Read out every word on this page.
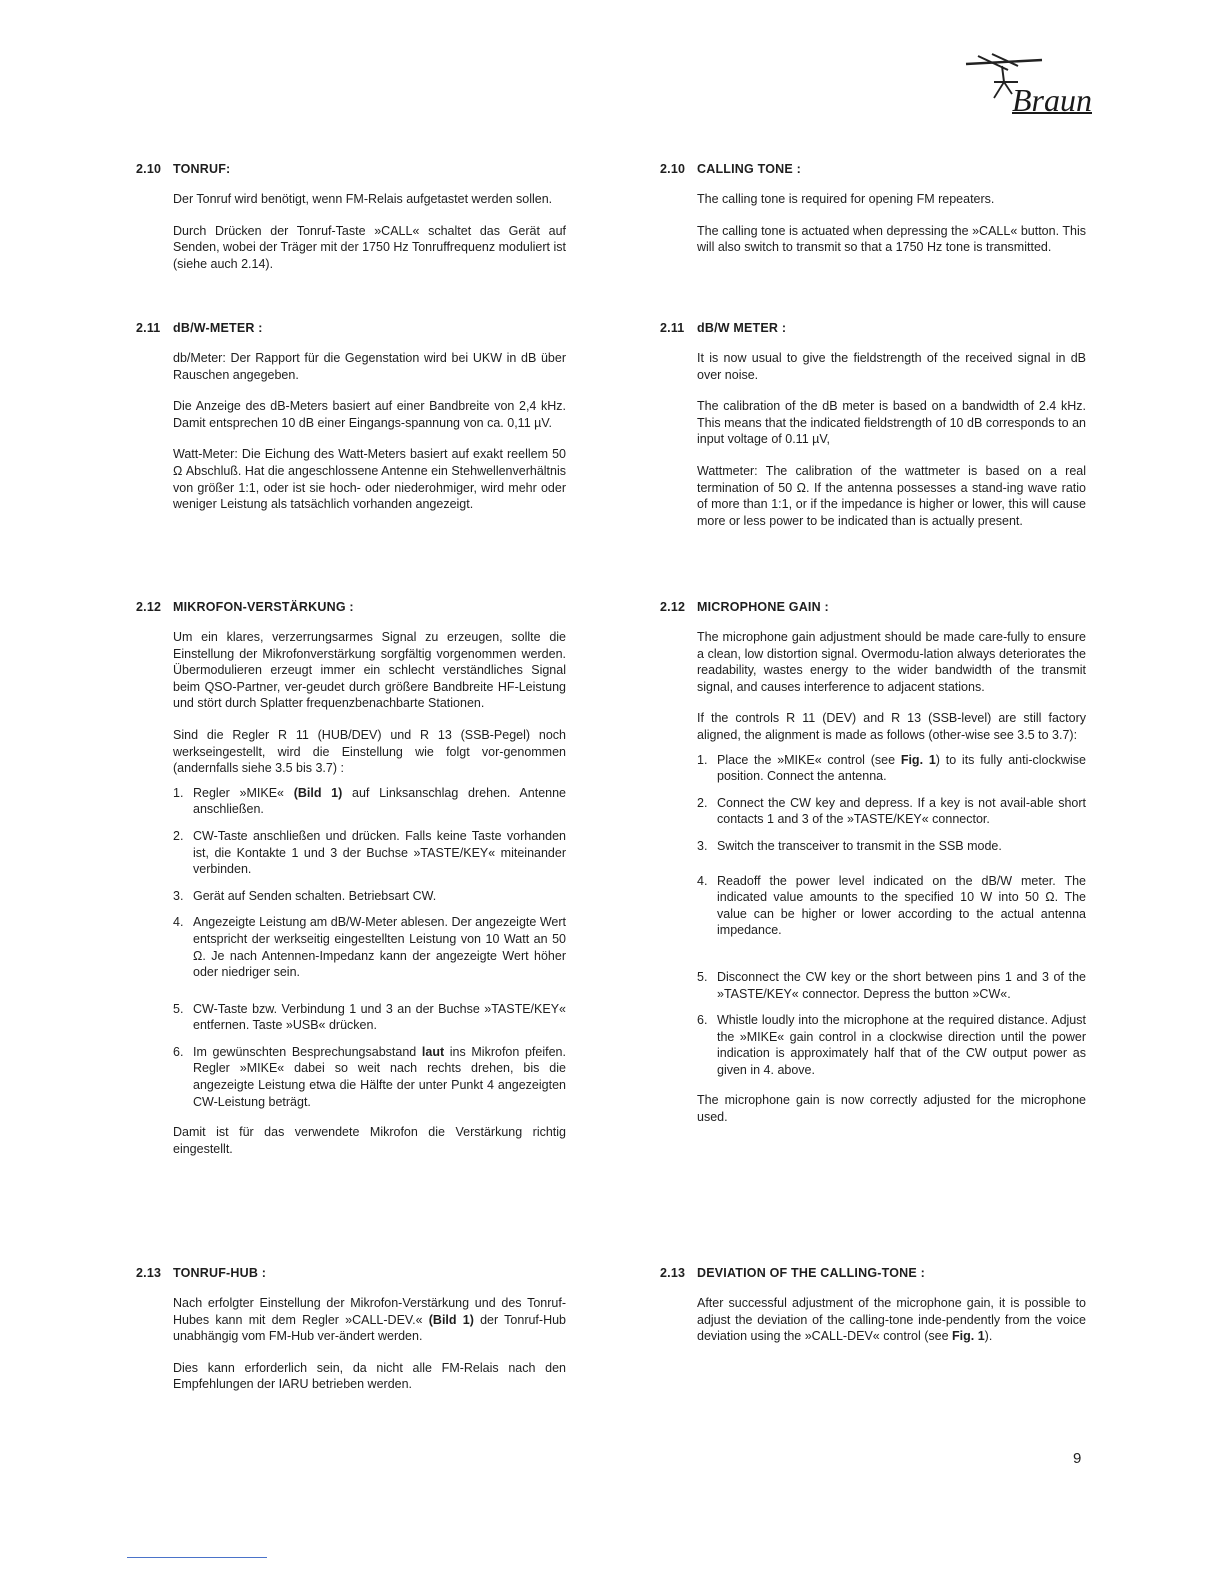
Braun
2.10 TONRUF:

Der Tonruf wird benötigt, wenn FM-Relais aufgetastet werden sollen.

Durch Drücken der Tonruf-Taste »CALL« schaltet das Gerät auf Senden, wobei der Träger mit der 1750 Hz Tonruffrequenz moduliert ist (siehe auch 2.14).

2.11 dB/W-METER :

db/Meter: Der Rapport für die Gegenstation wird bei UKW in dB über Rauschen angegeben.

Die Anzeige des dB-Meters basiert auf einer Bandbreite von 2,4 kHz. Damit entsprechen 10 dB einer Eingangs-spannung von ca. 0,11 µV.

Watt-Meter: Die Eichung des Watt-Meters basiert auf exakt reellem 50 Ω Abschluß. Hat die angeschlossene Antenne ein Stehwellenverhältnis von größer 1:1, oder ist sie hoch- oder niederohmiger, wird mehr oder weniger Leistung als tatsächlich vorhanden angezeigt.

2.12 MIKROFON-VERSTÄRKUNG :

Um ein klares, verzerrungsarmes Signal zu erzeugen, sollte die Einstellung der Mikrofonverstärkung sorgfältig vorgenommen werden. Übermodulieren erzeugt immer ein schlecht verständliches Signal beim QSO-Partner, ver-geudet durch größere Bandbreite HF-Leistung und stört durch Splatter frequenzbenachbarte Stationen.

Sind die Regler R 11 (HUB/DEV) und R 13 (SSB-Pegel) noch werkseingestellt, wird die Einstellung wie folgt vor-genommen (andernfalls siehe 3.5 bis 3.7) :

1. Regler »MIKE« (Bild 1) auf Linksanschlag drehen. Antenne anschließen.
2. CW-Taste anschließen und drücken. Falls keine Taste vorhanden ist, die Kontakte 1 und 3 der Buchse »TASTE/KEY« miteinander verbinden.
3. Gerät auf Senden schalten. Betriebsart CW.
4. Angezeigte Leistung am dB/W-Meter ablesen. Der angezeigte Wert entspricht der werkseitig eingestellten Leistung von 10 Watt an 50 Ω. Je nach Antennen-Impedanz kann der angezeigte Wert höher oder niedriger sein.
5. CW-Taste bzw. Verbindung 1 und 3 an der Buchse »TASTE/KEY« entfernen. Taste »USB« drücken.
6. Im gewünschten Besprechungsabstand laut ins Mikrofon pfeifen. Regler »MIKE« dabei so weit nach rechts drehen, bis die angezeigte Leistung etwa die Hälfte der unter Punkt 4 angezeigten CW-Leistung beträgt.

Damit ist für das verwendete Mikrofon die Verstärkung richtig eingestellt.

2.13 TONRUF-HUB :

Nach erfolgter Einstellung der Mikrofon-Verstärkung und des Tonruf-Hubes kann mit dem Regler »CALL-DEV.« (Bild 1) der Tonruf-Hub unabhängig vom FM-Hub ver-ändert werden.

Dies kann erforderlich sein, da nicht alle FM-Relais nach den Empfehlungen der IARU betrieben werden.

2.10 CALLING TONE :

The calling tone is required for opening FM repeaters.

The calling tone is actuated when depressing the »CALL« button. This will also switch to transmit so that a 1750 Hz tone is transmitted.

2.11 dB/W METER :

It is now usual to give the fieldstrength of the received signal in dB over noise.

The calibration of the dB meter is based on a bandwidth of 2.4 kHz. This means that the indicated fieldstrength of 10 dB corresponds to an input voltage of 0.11 µV,

Wattmeter: The calibration of the wattmeter is based on a real termination of 50 Ω. If the antenna possesses a stand-ing wave ratio of more than 1:1, or if the impedance is higher or lower, this will cause more or less power to be indicated than is actually present.

2.12 MICROPHONE GAIN :

The microphone gain adjustment should be made care-fully to ensure a clean, low distortion signal. Overmodu-lation always deteriorates the readability, wastes energy to the wider bandwidth of the transmit signal, and causes interference to adjacent stations.

If the controls R 11 (DEV) and R 13 (SSB-level) are still factory aligned, the alignment is made as follows (other-wise see 3.5 to 3.7):

1. Place the »MIKE« control (see Fig. 1) to its fully anti-clockwise position. Connect the antenna.
2. Connect the CW key and depress. If a key is not avail-able short contacts 1 and 3 of the »TASTE/KEY« connector.
3. Switch the transceiver to transmit in the SSB mode.
4. Readoff the power level indicated on the dB/W meter. The indicated value amounts to the specified 10 W into 50 Ω. The value can be higher or lower according to the actual antenna impedance.
5. Disconnect the CW key or the short between pins 1 and 3 of the »TASTE/KEY« connector. Depress the button »CW«.
6. Whistle loudly into the microphone at the required distance. Adjust the »MIKE« gain control in a clockwise direction until the power indication is approximately half that of the CW output power as given in 4. above.

The microphone gain is now correctly adjusted for the microphone used.

2.13 DEVIATION OF THE CALLING-TONE :

After successful adjustment of the microphone gain, it is possible to adjust the deviation of the calling-tone inde-pendently from the voice deviation using the »CALL-DEV« control (see Fig. 1).

9
